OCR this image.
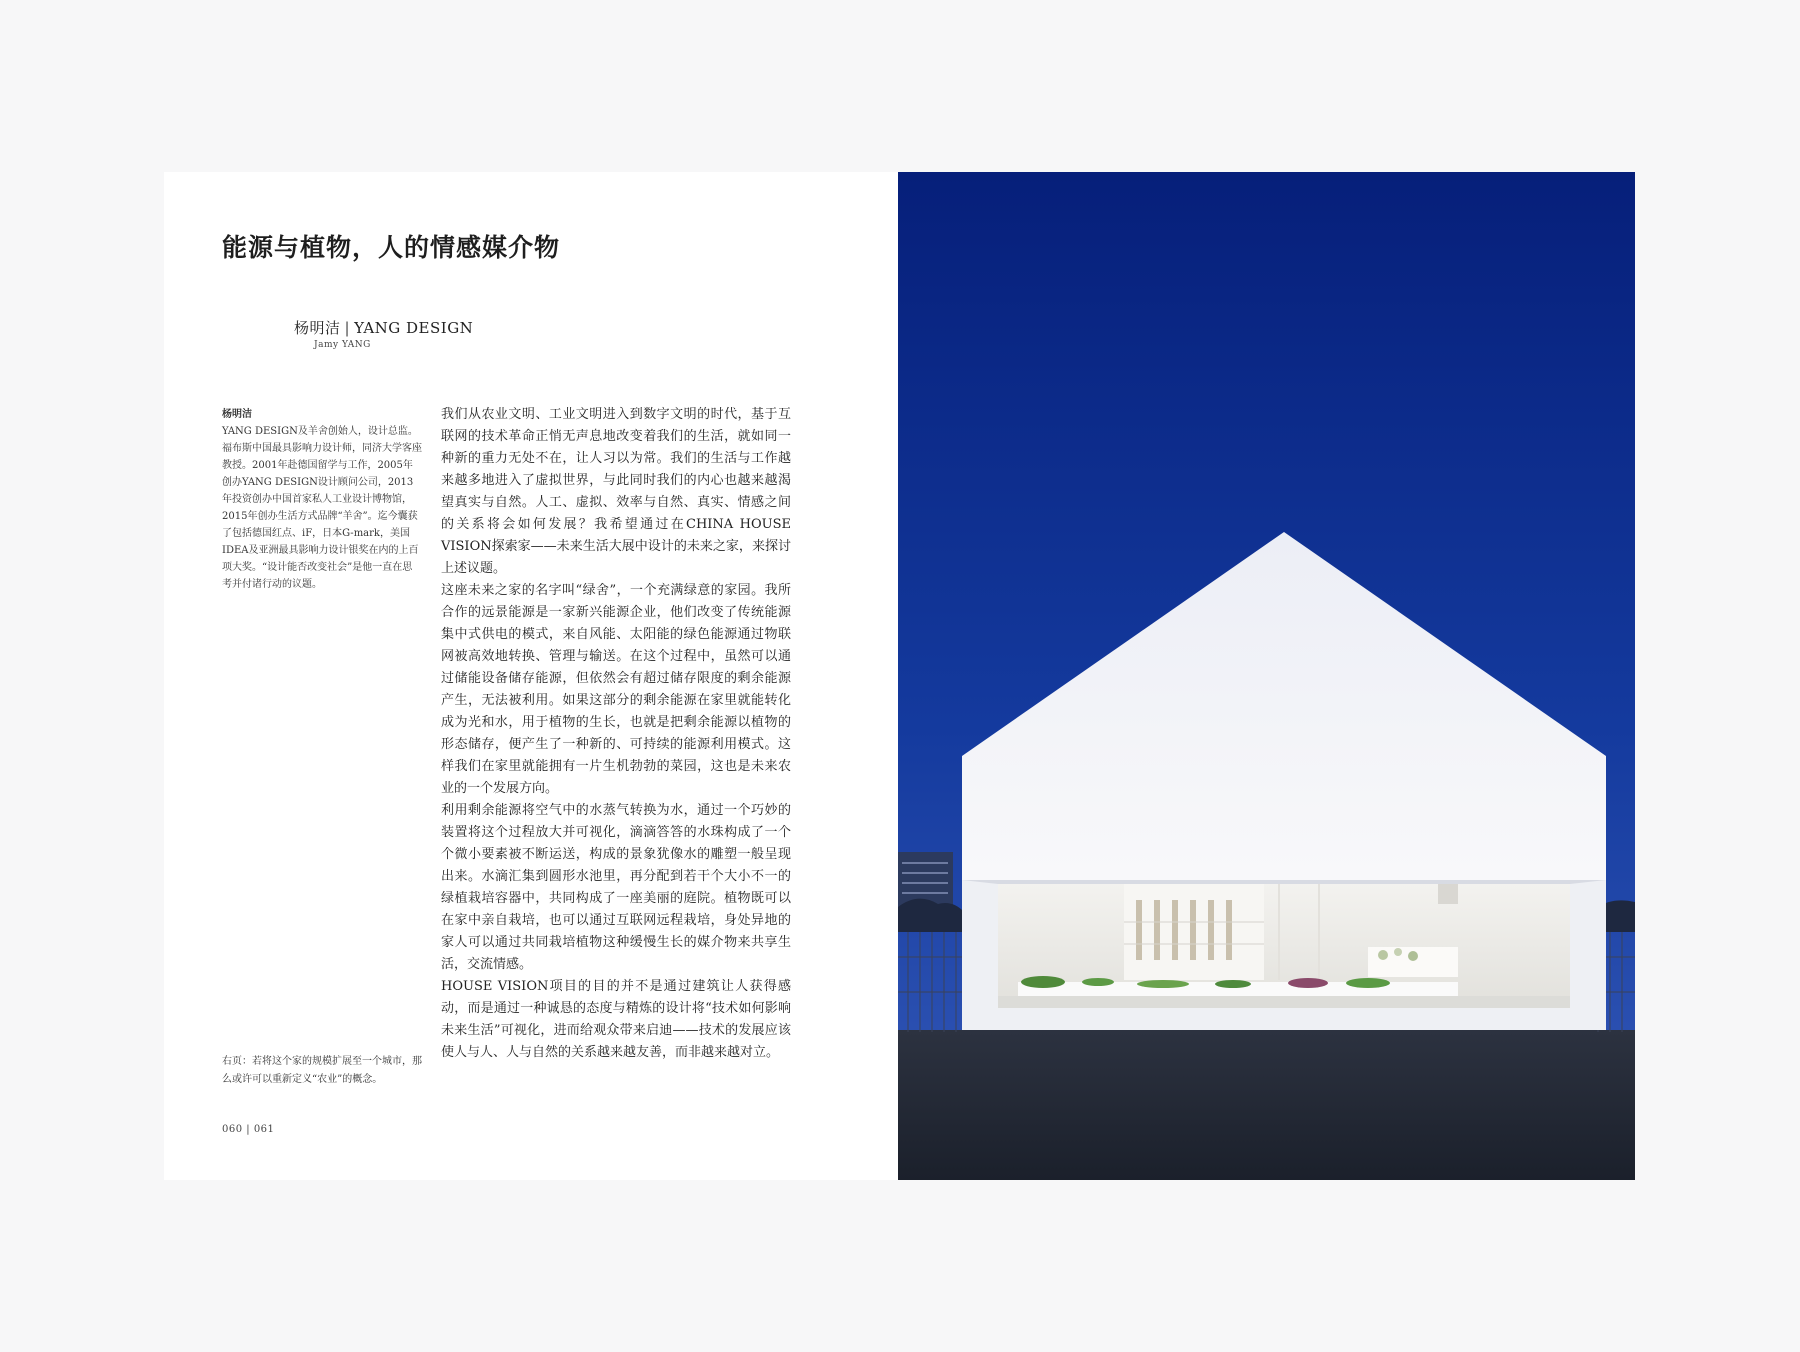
能源与植物，人的情感媒介物
杨明洁 | YANG DESIGN
Jamy YANG
杨明洁

YANG DESIGN及羊舍创始人，设计总监。福布斯中国最具影响力设计师，同济大学客座教授。2001年赴德国留学与工作，2005年创办YANG DESIGN设计顾问公司，2013年投资创办中国首家私人工业设计博物馆，2015年创办生活方式品牌“羊舍”。迄今囊获了包括德国红点、iF，日本G-mark，美国IDEA及亚洲最具影响力设计银奖在内的上百项大奖。“设计能否改变社会”是他一直在思考并付诸行动的议题。

右页：若将这个家的规模扩展至一个城市，那么或许可以重新定义“农业”的概念。
060 | 061

我们从农业文明、工业文明进入到数字文明的时代，基于互联网的技术革命正悄无声息地改变着我们的生活，就如同一种新的重力无处不在，让人习以为常。我们的生活与工作越来越多地进入了虚拟世界，与此同时我们的内心也越来越渴望真实与自然。人工、虚拟、效率与自然、真实、情感之间的关系将会如何发展？我希望通过在CHINA HOUSE VISION探索家——未来生活大展中设计的未来之家，来探讨上述议题。

这座未来之家的名字叫“绿舍”，一个充满绿意的家园。我所合作的远景能源是一家新兴能源企业，他们改变了传统能源集中式供电的模式，来自风能、太阳能的绿色能源通过物联网被高效地转换、管理与输送。在这个过程中，虽然可以通过储能设备储存能源，但依然会有超过储存限度的剩余能源产生，无法被利用。如果这部分的剩余能源在家里就能转化成为光和水，用于植物的生长，也就是把剩余能源以植物的形态储存，便产生了一种新的、可持续的能源利用模式。这样我们在家里就能拥有一片生机勃勃的菜园，这也是未来农业的一个发展方向。

利用剩余能源将空气中的水蒸气转换为水，通过一个巧妙的装置将这个过程放大并可视化，滴滴答答的水珠构成了一个个微小要素被不断运送，构成的景象犹像水的雕塑一般呈现出来。水滴汇集到圆形水池里，再分配到若干个大小不一的绿植栽培容器中，共同构成了一座美丽的庭院。植物既可以在家中亲自栽培，也可以通过互联网远程栽培，身处异地的家人可以通过共同栽培植物这种缓慢生长的媒介物来共享生活，交流情感。

HOUSE VISION项目的目的并不是通过建筑让人获得感动，而是通过一种诚恳的态度与精炼的设计将“技术如何影响未来生活”可视化，进而给观众带来启迪——技术的发展应该使人与人、人与自然的关系越来越友善，而非越来越对立。
